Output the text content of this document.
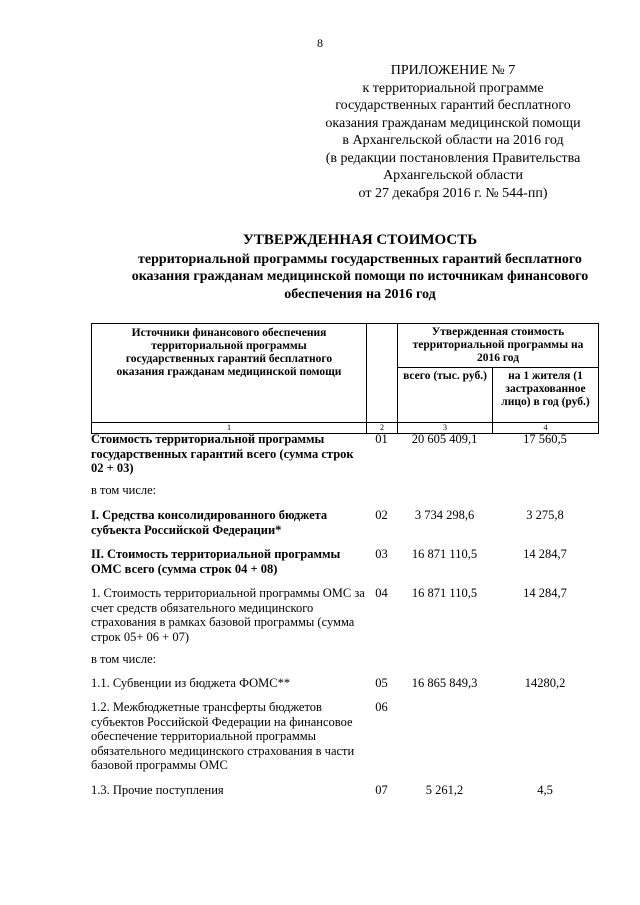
8
ПРИЛОЖЕНИЕ № 7
к территориальной программе
государственных гарантий бесплатного
оказания гражданам медицинской помощи
в Архангельской области на 2016 год
(в редакции постановления Правительства
Архангельской области
от 27 декабря 2016 г. № 544-пп)
УТВЕРЖДЕННАЯ СТОИМОСТЬ
территориальной программы государственных гарантий бесплатного
оказания гражданам медицинской помощи по источникам финансового
обеспечения на 2016 год
Источники финансового обеспечения территориальной программы государственных гарантий бесплатного оказания гражданам медицинской помощи		Утвержденная стоимость территориальной программы на 2016 год	
		всего (тыс. руб.)	на 1 жителя (1 застрахованное лицо) в год (руб.)
1	2	3	4
Стоимость территориальной программы государственных гарантий всего (сумма строк 02 + 03)	01	20 605 409,1	17 560,5
в том числе:			
I. Средства консолидированного бюджета субъекта Российской Федерации*	02	3 734 298,6	3 275,8
II. Стоимость территориальной программы ОМС всего (сумма строк 04 + 08)	03	16 871 110,5	14 284,7
1. Стоимость территориальной программы ОМС за счет средств обязательного медицинского страхования в рамках базовой программы (сумма строк 05+ 06 + 07)	04	16 871 110,5	14 284,7
в том числе:			
1.1. Субвенции из бюджета ФОМС**	05	16 865 849,3	14280,2
1.2. Межбюджетные трансферты бюджетов субъектов Российской Федерации на финансовое обеспечение территориальной программы обязательного медицинского страхования в части базовой программы ОМС	06		
1.3. Прочие поступления	07	5 261,2	4,5
